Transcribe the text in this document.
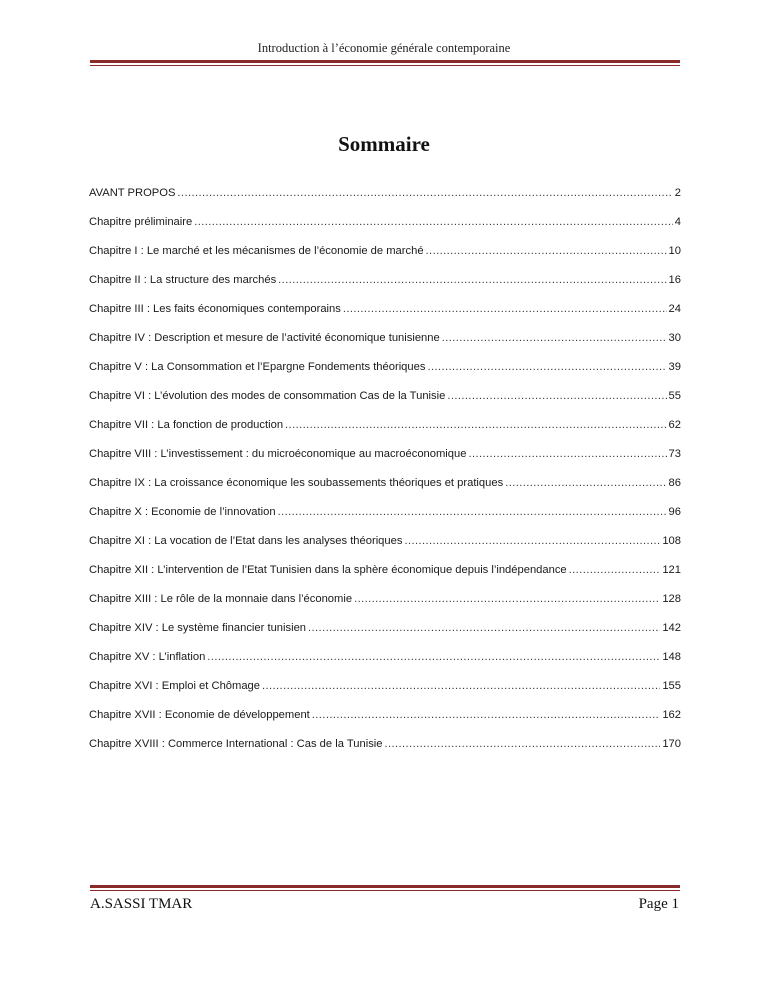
Introduction à l’économie générale contemporaine
Sommaire
AVANT PROPOS .....	2
Chapitre préliminaire .....	4
Chapitre I : Le marché et les mécanismes de l’économie de marché .....	10
Chapitre II : La structure des marchés .....	16
Chapitre III : Les faits économiques contemporains .....	24
Chapitre IV : Description et mesure de l’activité économique tunisienne .....	30
Chapitre V : La Consommation et l’Epargne Fondements théoriques .....	39
Chapitre VI : L’évolution des modes de consommation Cas de la Tunisie .....	55
Chapitre VII : La fonction de production .....	62
Chapitre VIII : L’investissement : du microéconomique au macroéconomique .....	73
Chapitre IX : La croissance économique les soubassements théoriques et pratiques .....	86
Chapitre X : Economie de l’innovation .....	96
Chapitre XI : La vocation de l’Etat dans les analyses théoriques .....	108
Chapitre XII : L’intervention de l’Etat Tunisien dans la sphère économique depuis l’indépendance .....	121
Chapitre XIII : Le rôle de la monnaie dans l’économie .....	128
Chapitre XIV : Le système financier tunisien .....	142
Chapitre XV : L’inflation .....	148
Chapitre XVI : Emploi et Chômage .....	155
Chapitre XVII : Economie de développement .....	162
Chapitre XVIII : Commerce International : Cas de la Tunisie .....	170
A.SASSI TMAR	Page 1
